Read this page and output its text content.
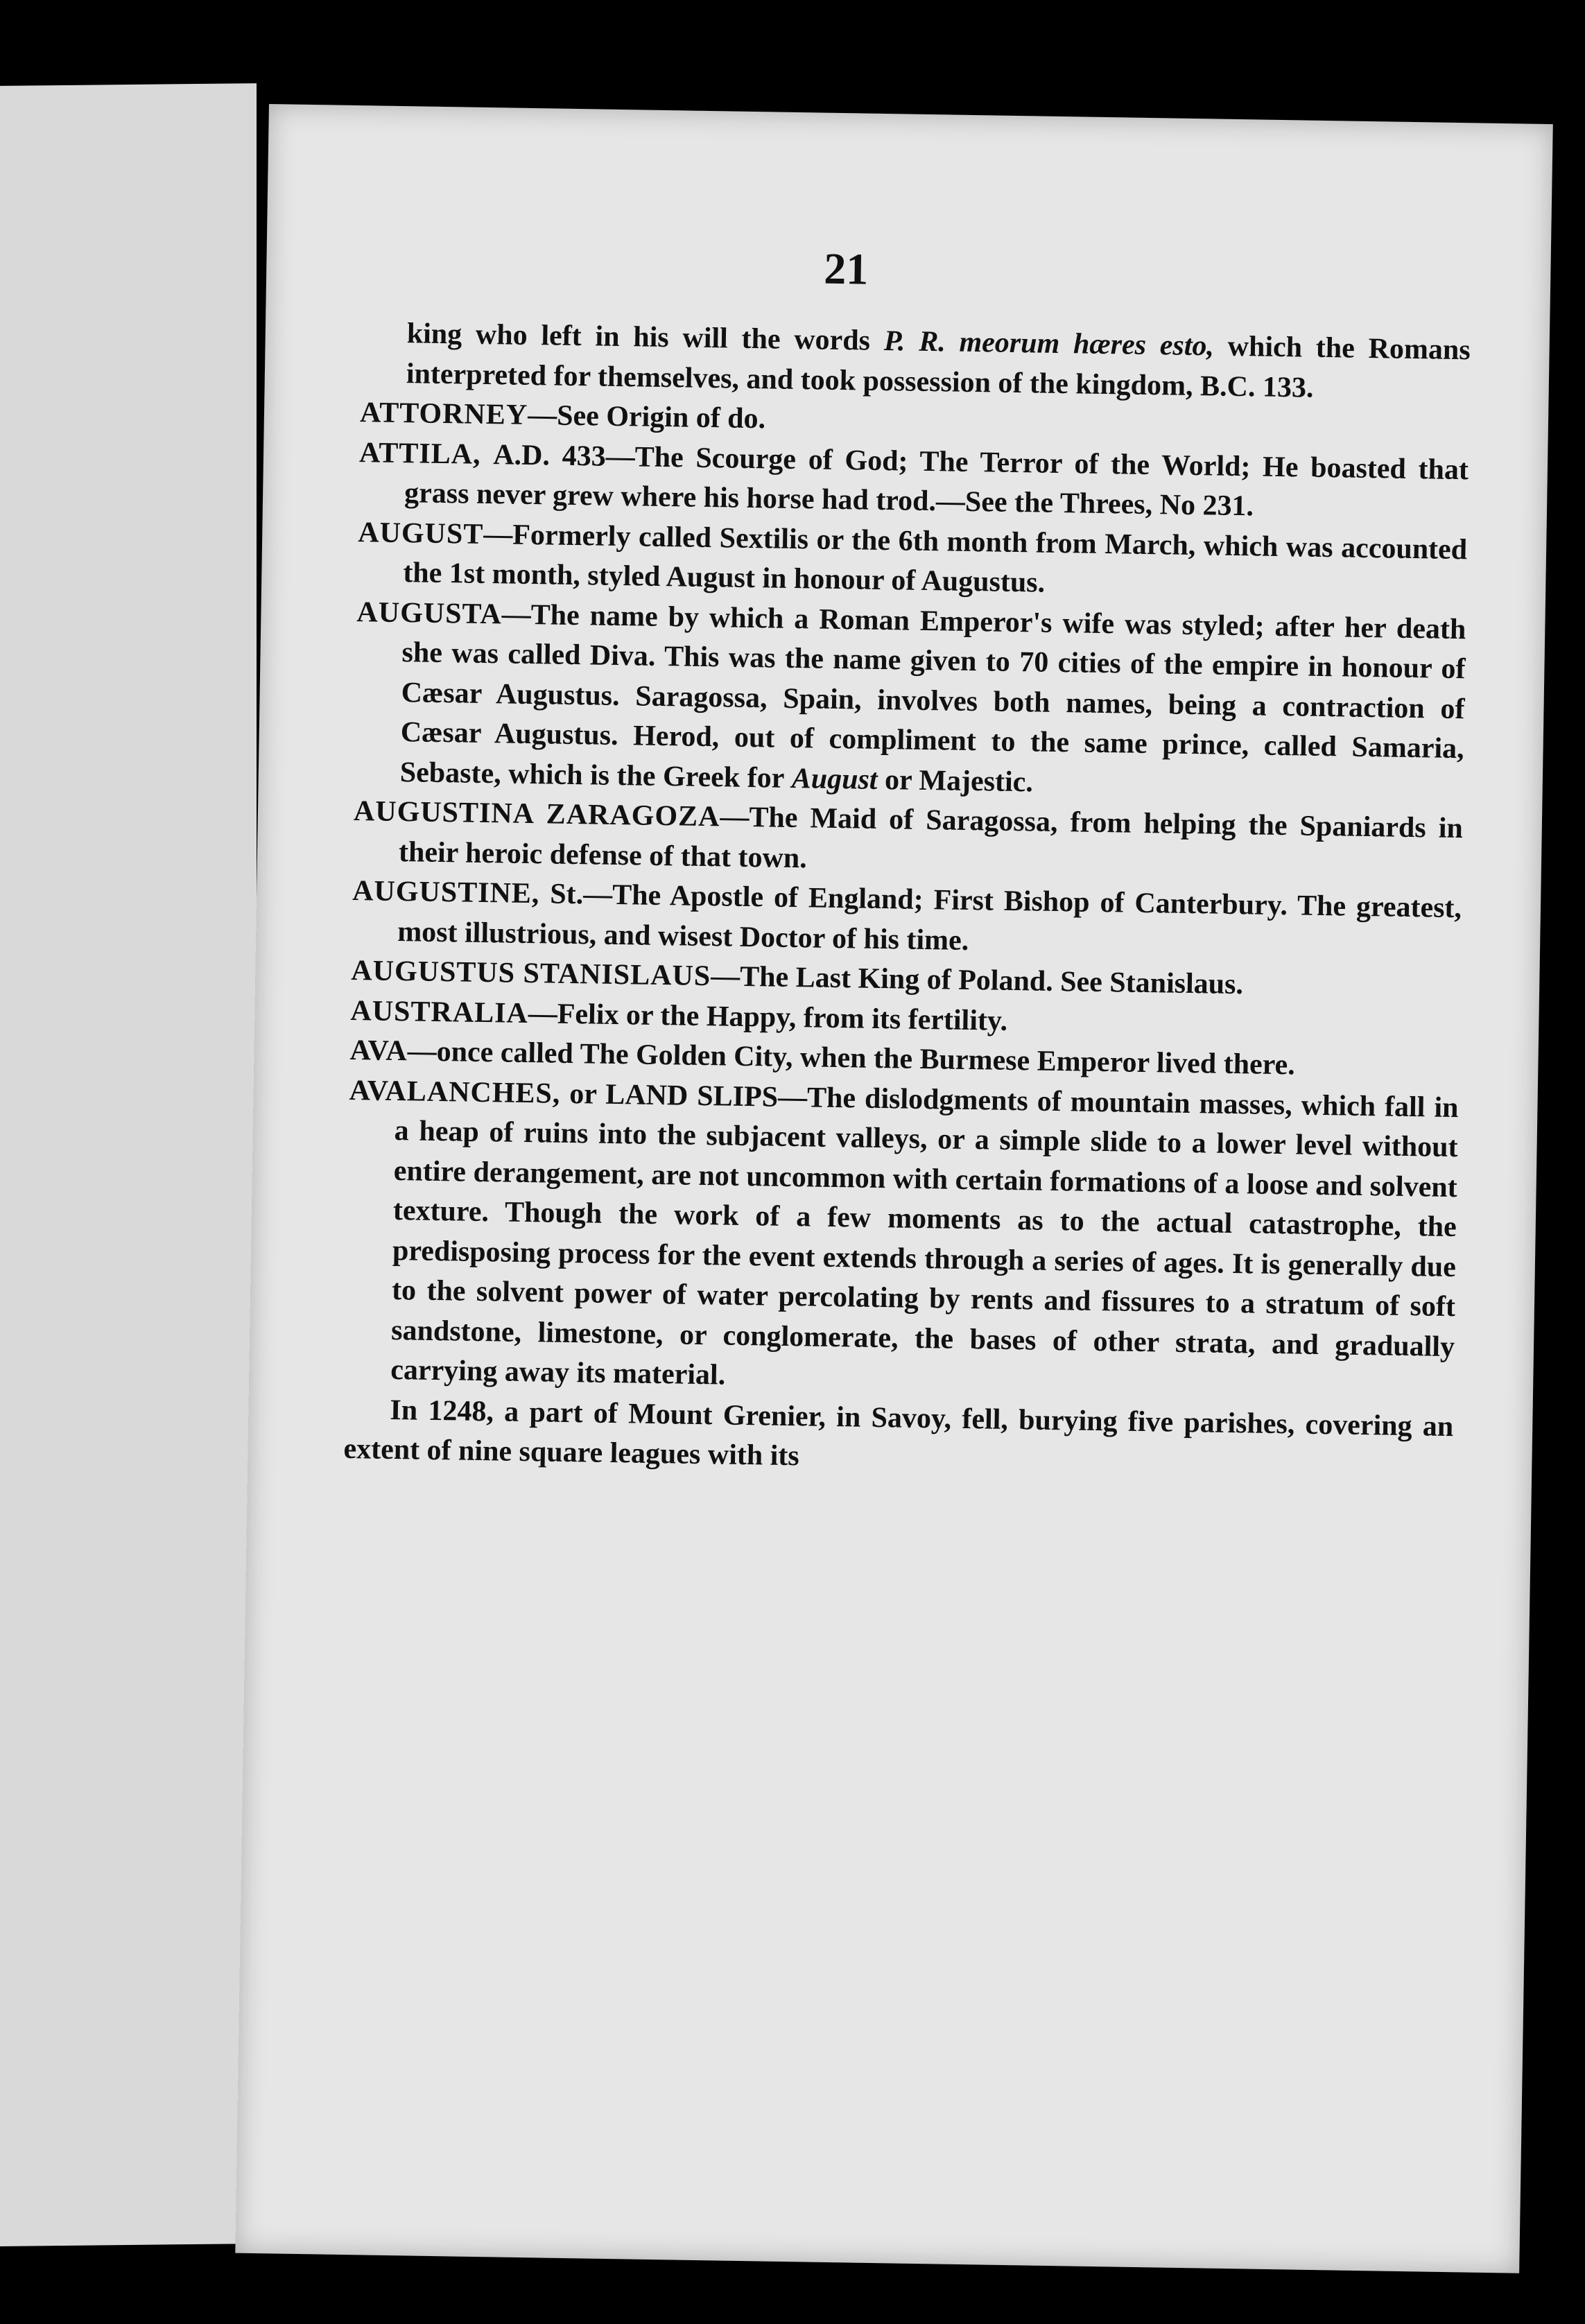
21

king who left in his will the words P. R. meorum hæres esto, which the Romans interpreted for themselves, and took possession of the kingdom, B.C. 133.

ATTORNEY—See Origin of do.

ATTILA, A.D. 433—The Scourge of God; The Terror of the World; He boasted that grass never grew where his horse had trod.—See the Threes, No 231.

AUGUST—Formerly called Sextilis or the 6th month from March, which was accounted the 1st month, styled August in honour of Augustus.

AUGUSTA—The name by which a Roman Emperor's wife was styled; after her death she was called Diva. This was the name given to 70 cities of the empire in honour of Cæsar Augustus. Saragossa, Spain, involves both names, being a contraction of Cæsar Augustus. Herod, out of compliment to the same prince, called Samaria, Sebaste, which is the Greek for August or Majestic.

AUGUSTINA ZARAGOZA—The Maid of Saragossa, from helping the Spaniards in their heroic defense of that town.

AUGUSTINE, St.—The Apostle of England; First Bishop of Canterbury. The greatest, most illustrious, and wisest Doctor of his time.

AUGUSTUS STANISLAUS—The Last King of Poland. See Stanislaus.

AUSTRALIA—Felix or the Happy, from its fertility.

AVA—once called The Golden City, when the Burmese Emperor lived there.

AVALANCHES, or LAND SLIPS—The dislodgments of mountain masses, which fall in a heap of ruins into the subjacent valleys, or a simple slide to a lower level without entire derangement, are not uncommon with certain formations of a loose and solvent texture. Though the work of a few moments as to the actual catastrophe, the predisposing process for the event extends through a series of ages. It is generally due to the solvent power of water percolating by rents and fissures to a stratum of soft sandstone, limestone, or conglomerate, the bases of other strata, and gradually carrying away its material.

In 1248, a part of Mount Grenier, in Savoy, fell, burying five parishes, covering an extent of nine square leagues with its
